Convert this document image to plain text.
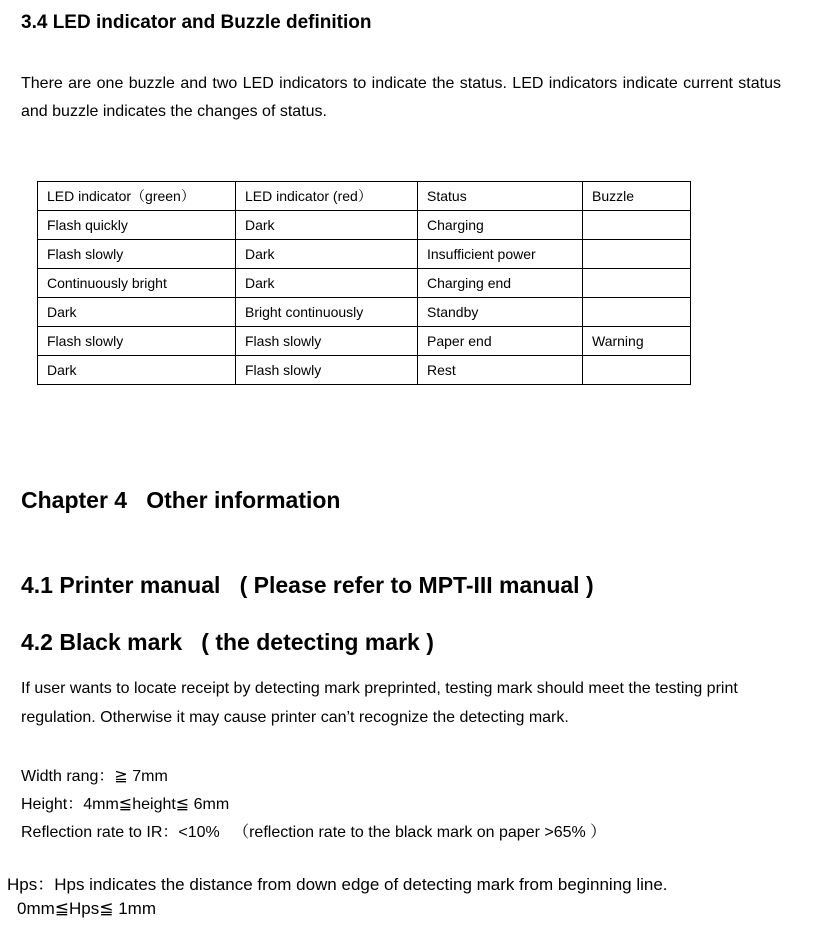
3.4 LED indicator and Buzzle definition

There are one buzzle and two LED indicators to indicate the status. LED indicators indicate current status and buzzle indicates the changes of status.

LED indicator（green）	LED indicator (red）	Status	Buzzle
Flash quickly	Dark	Charging	
Flash slowly	Dark	Insufficient power	
Continuously bright	Dark	Charging end	
Dark	Bright continuously	Standby	
Flash slowly	Flash slowly	Paper end	Warning
Dark	Flash slowly	Rest	
Chapter 4   Other information
4.1 Printer manual   ( Please refer to MPT-III manual )
4.2 Black mark   ( the detecting mark )

If user wants to locate receipt by detecting mark preprinted, testing mark should meet the testing print regulation. Otherwise it may cause printer can’t recognize the detecting mark.

Width rang：≧ 7mm

Height：4mm≦height≦ 6mm

Reflection rate to IR：<10%   （reflection rate to the black mark on paper >65% ）

Hps：Hps indicates the distance from down edge of detecting mark from beginning line.

0mm≦Hps≦ 1mm
